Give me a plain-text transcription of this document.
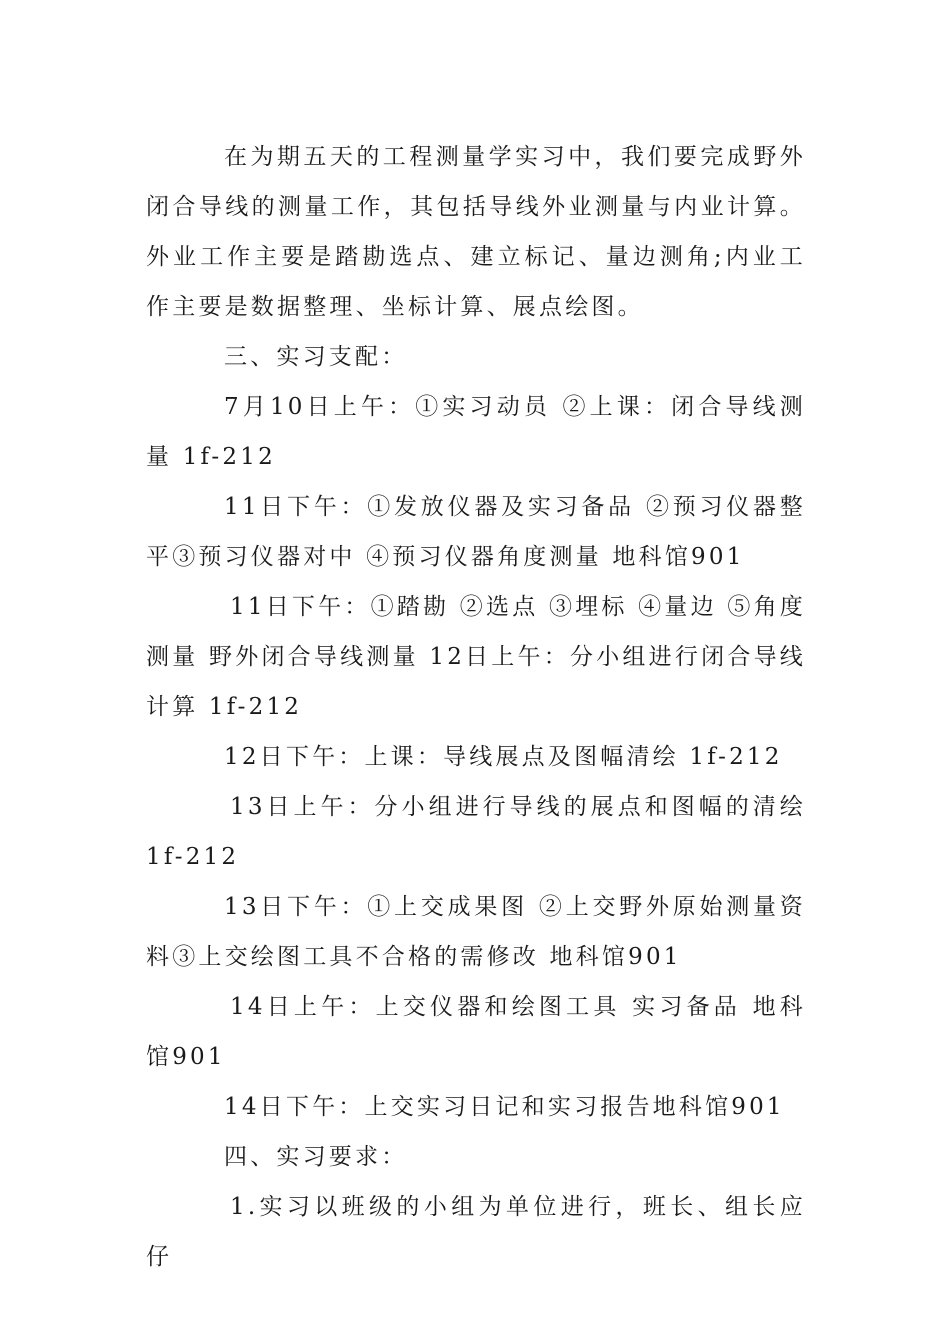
在为期五天的工程测量学实习中，我们要完成野外闭合导线的测量工作，其包括导线外业测量与内业计算。外业工作主要是踏勘选点、建立标记、量边测角;内业工作主要是数据整理、坐标计算、展点绘图。

三、实习支配：

7月10日上午：①实习动员 ②上课：闭合导线测量 1f-212

11日下午：①发放仪器及实习备品 ②预习仪器整平③预习仪器对中 ④预习仪器角度测量 地科馆901

11日下午：①踏勘 ②选点 ③埋标 ④量边 ⑤角度测量 野外闭合导线测量 12日上午：分小组进行闭合导线计算 1f-212

12日下午：上课：导线展点及图幅清绘 1f-212

13日上午：分小组进行导线的展点和图幅的清绘1f-212

13日下午：①上交成果图 ②上交野外原始测量资料③上交绘图工具不合格的需修改 地科馆901

14日上午：上交仪器和绘图工具 实习备品 地科馆901

14日下午：上交实习日记和实习报告地科馆901

四、实习要求：

1.实习以班级的小组为单位进行，班长、组长应仔
